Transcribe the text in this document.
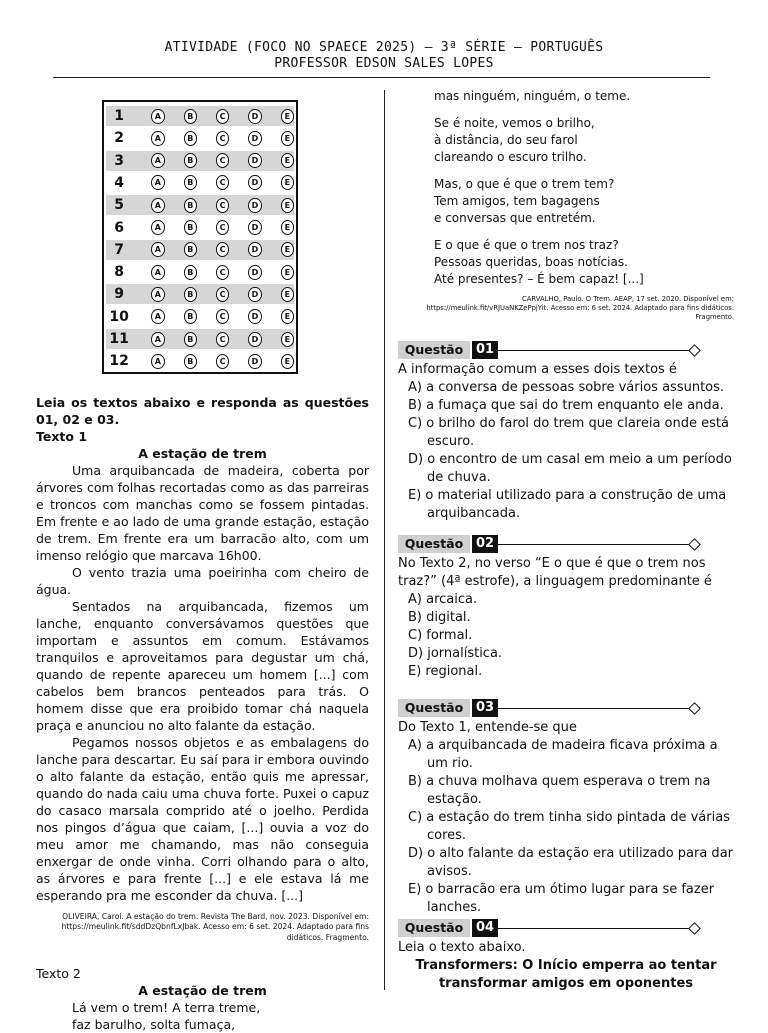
ATIVIDADE (FOCO NO SPAECE 2025) – 3ª SÉRIE – PORTUGUÊS
PROFESSOR EDSON SALES LOPES
1	A	B	C	D	E
2	A	B	C	D	E
3	A	B	C	D	E
4	A	B	C	D	E
5	A	B	C	D	E
6	A	B	C	D	E
7	A	B	C	D	E
8	A	B	C	D	E
9	A	B	C	D	E
10	A	B	C	D	E
11	A	B	C	D	E
12	A	B	C	D	E

Leia os textos abaixo e responda as questões 01, 02 e 03.

Texto 1

A estação de trem

Uma arquibancada de madeira, coberta por árvores com folhas recortadas como as das parreiras e troncos com manchas como se fossem pintadas. Em frente e ao lado de uma grande estação, estação de trem. Em frente era um barracão alto, com um imenso relógio que marcava 16h00.

O vento trazia uma poeirinha com cheiro de água.

Sentados na arquibancada, fizemos um lanche, enquanto conversávamos questões que importam e assuntos em comum. Estávamos tranquilos e aproveitamos para degustar um chá, quando de repente apareceu um homem [...] com cabelos bem brancos penteados para trás. O homem disse que era proibido tomar chá naquela praça e anunciou no alto falante da estação.

Pegamos nossos objetos e as embalagens do lanche para descartar. Eu saí para ir embora ouvindo o alto falante da estação, então quis me apressar, quando do nada caiu uma chuva forte. Puxei o capuz do casaco marsala comprido até o joelho. Perdida nos pingos d’água que caiam, [...] ouvia a voz do meu amor me chamando, mas não conseguia enxergar de onde vinha. Corri olhando para o alto, as árvores e para frente [...] e ele estava lá me esperando pra me esconder da chuva. [...]

OLIVEIRA, Carol. A estação do trem. Revista The Bard, nov. 2023. Disponível em: https://meulink.fit/sddDzQbnfLxJbak. Acesso em: 6 set. 2024. Adaptado para fins didáticos. Fragmento.

Texto 2

A estação de trem

Lá vem o trem! A terra treme,
faz barulho, solta fumaça,
mas ninguém, ninguém, o teme.
Se é noite, vemos o brilho,
à distância, do seu farol
clareando o escuro trilho.
Mas, o que é que o trem tem?
Tem amigos, tem bagagens
e conversas que entretém.
E o que é que o trem nos traz?
Pessoas queridas, boas notícias.
Até presentes? – É bem capaz! [...]

CARVALHO, Paulo. O Trem. AEAP, 17 set. 2020. Disponível em: https://meulink.fit/vRJUaNKZePpjYit. Acesso em: 6 set. 2024. Adaptado para fins didáticos. Fragmento.

Questão 01

A informação comum a esses dois textos é

A) a conversa de pessoas sobre vários assuntos.

B) a fumaça que sai do trem enquanto ele anda.

C) o brilho do farol do trem que clareia onde está escuro.

D) o encontro de um casal em meio a um período de chuva.

E) o material utilizado para a construção de uma arquibancada.

Questão 02

No Texto 2, no verso “E o que é que o trem nos traz?” (4ª estrofe), a linguagem predominante é

A) arcaica.

B) digital.

C) formal.

D) jornalística.

E) regional.

Questão 03

Do Texto 1, entende-se que

A) a arquibancada de madeira ficava próxima a um rio.

B) a chuva molhava quem esperava o trem na estação.

C) a estação do trem tinha sido pintada de várias cores.

D) o alto falante da estação era utilizado para dar avisos.

E) o barracão era um ótimo lugar para se fazer lanches.

Questão 04

Leia o texto abaixo.

Transformers: O Início emperra ao tentar transformar amigos em oponentes
